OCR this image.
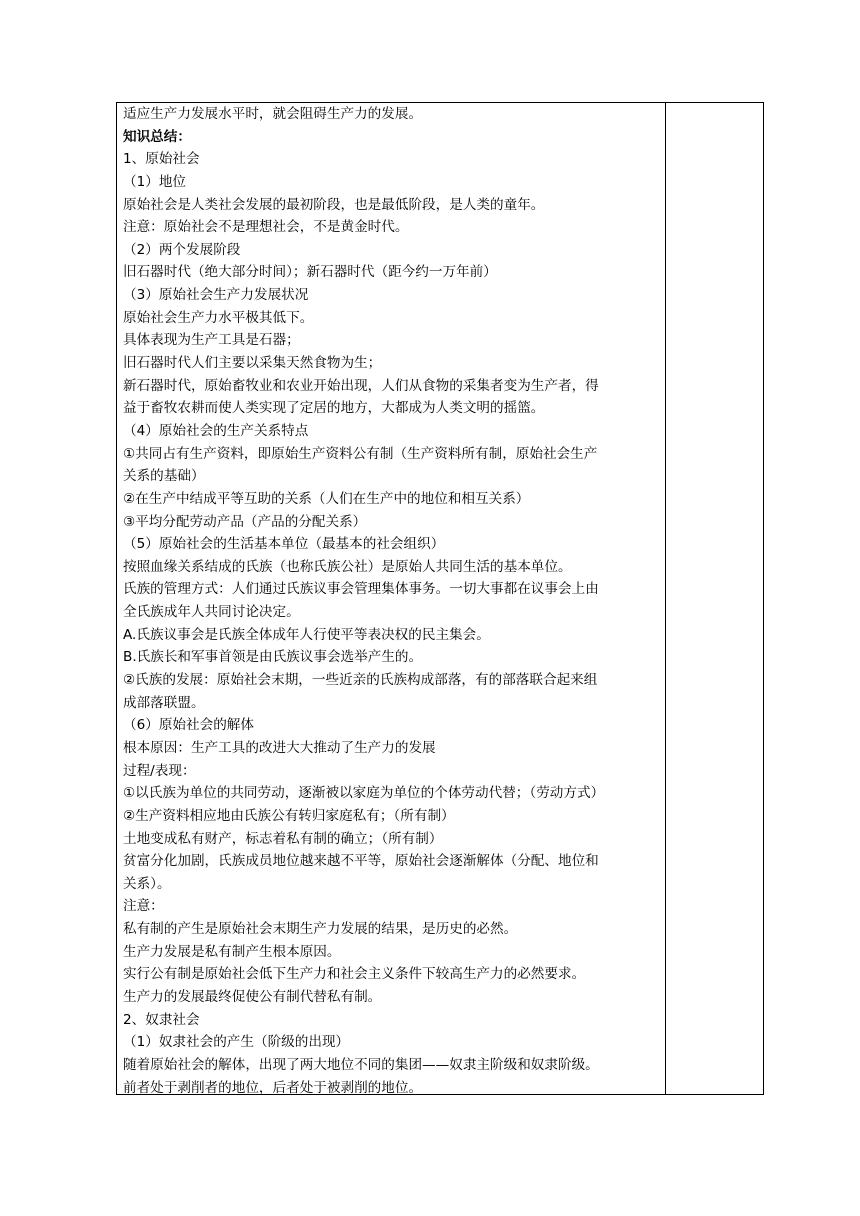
适应生产力发展水平时，就会阻碍生产力的发展。
知识总结：
1、原始社会
（1）地位
原始社会是人类社会发展的最初阶段，也是最低阶段，是人类的童年。
注意：原始社会不是理想社会，不是黄金时代。
（2）两个发展阶段
旧石器时代（绝大部分时间）；新石器时代（距今约一万年前）
（3）原始社会生产力发展状况
原始社会生产力水平极其低下。
具体表现为生产工具是石器；
旧石器时代人们主要以采集天然食物为生；
新石器时代，原始畜牧业和农业开始出现，人们从食物的采集者变为生产者，得
益于畜牧农耕而使人类实现了定居的地方，大都成为人类文明的摇篮。
（4）原始社会的生产关系特点
①共同占有生产资料，即原始生产资料公有制（生产资料所有制，原始社会生产
关系的基础）
②在生产中结成平等互助的关系（人们在生产中的地位和相互关系）
③平均分配劳动产品（产品的分配关系）
（5）原始社会的生活基本单位（最基本的社会组织）
按照血缘关系结成的氏族（也称氏族公社）是原始人共同生活的基本单位。
氏族的管理方式：人们通过氏族议事会管理集体事务。一切大事都在议事会上由
全氏族成年人共同讨论决定。
A.氏族议事会是氏族全体成年人行使平等表决权的民主集会。
B.氏族长和军事首领是由氏族议事会选举产生的。
②氏族的发展：原始社会末期，一些近亲的氏族构成部落，有的部落联合起来组
成部落联盟。
（6）原始社会的解体
根本原因：生产工具的改进大大推动了生产力的发展
过程/表现：
①以氏族为单位的共同劳动，逐渐被以家庭为单位的个体劳动代替；（劳动方式）
②生产资料相应地由氏族公有转归家庭私有；（所有制）
土地变成私有财产，标志着私有制的确立；（所有制）
贫富分化加剧，氏族成员地位越来越不平等，原始社会逐渐解体（分配、地位和
关系）。
注意：
私有制的产生是原始社会末期生产力发展的结果，是历史的必然。
生产力发展是私有制产生根本原因。
实行公有制是原始社会低下生产力和社会主义条件下较高生产力的必然要求。
生产力的发展最终促使公有制代替私有制。
2、奴隶社会
（1）奴隶社会的产生（阶级的出现）
随着原始社会的解体，出现了两大地位不同的集团——奴隶主阶级和奴隶阶级。
前者处于剥削者的地位，后者处于被剥削的地位。
